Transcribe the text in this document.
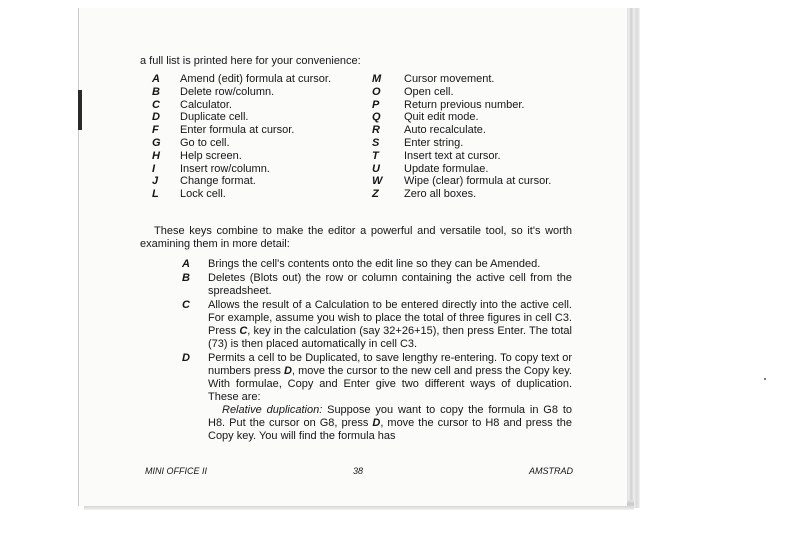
a full list is printed here for your convenience:

A Amend (edit) formula at cursor.
B Delete row/column.
C Calculator.
D Duplicate cell.
F Enter formula at cursor.
G Go to cell.
H Help screen.
I Insert row/column.
J Change format.
L Lock cell.
M Cursor movement.
O Open cell.
P Return previous number.
Q Quit edit mode.
R Auto recalculate.
S Enter string.
T Insert text at cursor.
U Update formulae.
W Wipe (clear) formula at cursor.
Z Zero all boxes.

These keys combine to make the editor a powerful and versatile tool, so it's worth examining them in more detail:

A Brings the cell's contents onto the edit line so they can be Amended.
B Deletes (Blots out) the row or column containing the active cell from the spreadsheet.
C Allows the result of a Calculation to be entered directly into the active cell. For example, assume you wish to place the total of three figures in cell C3. Press C, key in the calculation (say 32+26+15), then press Enter. The total (73) is then placed automatically in cell C3.
D Permits a cell to be Duplicated, to save lengthy re-entering. To copy text or numbers press D, move the cursor to the new cell and press the Copy key. With formulae, Copy and Enter give two different ways of duplication. These are:

Relative duplication: Suppose you want to copy the formula in G8 to H8. Put the cursor on G8, press D, move the cursor to H8 and press the Copy key. You will find the formula has

MINI OFFICE II	38	AMSTRAD
